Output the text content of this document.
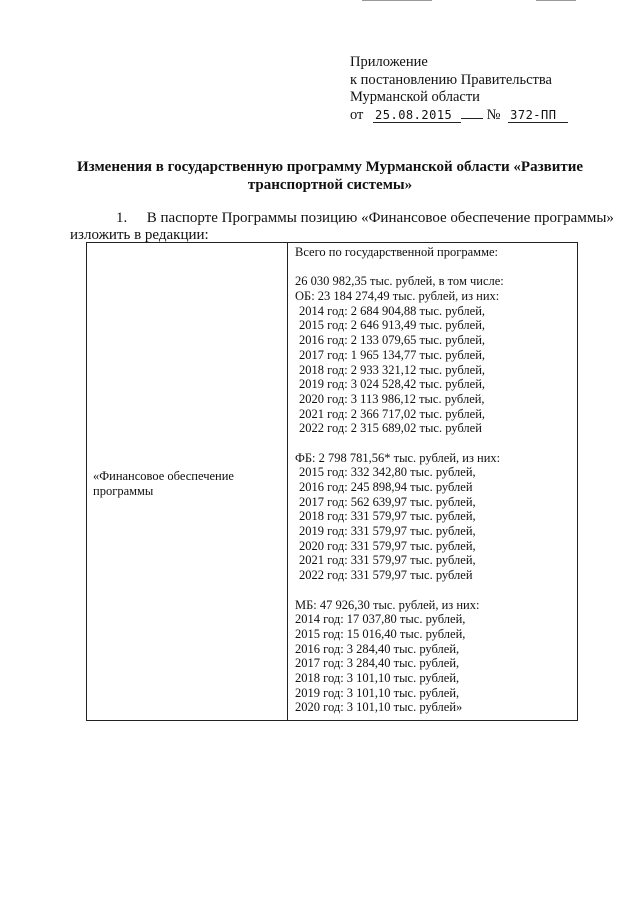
Приложение
к постановлению Правительства
Мурманской области
от 25.08.2015 № 372-ПП
Изменения в государственную программу Мурманской области «Развитие
транспортной системы»
1. В паспорте Программы позицию «Финансовое обеспечение программы»
изложить в редакции:
«Финансовое обеспечение
программы
Всего по государственной программе:
26 030 982,35 тыс. рублей, в том числе:
ОБ: 23 184 274,49 тыс. рублей, из них:
2014 год: 2 684 904,88 тыс. рублей,
2015 год: 2 646 913,49 тыс. рублей,
2016 год: 2 133 079,65 тыс. рублей,
2017 год: 1 965 134,77 тыс. рублей,
2018 год: 2 933 321,12 тыс. рублей,
2019 год: 3 024 528,42 тыс. рублей,
2020 год: 3 113 986,12 тыс. рублей,
2021 год: 2 366 717,02 тыс. рублей,
2022 год: 2 315 689,02 тыс. рублей
ФБ: 2 798 781,56* тыс. рублей, из них:
2015 год: 332 342,80 тыс. рублей,
2016 год: 245 898,94 тыс. рублей
2017 год: 562 639,97 тыс. рублей,
2018 год: 331 579,97 тыс. рублей,
2019 год: 331 579,97 тыс. рублей,
2020 год: 331 579,97 тыс. рублей,
2021 год: 331 579,97 тыс. рублей,
2022 год: 331 579,97 тыс. рублей
МБ: 47 926,30 тыс. рублей, из них:
2014 год: 17 037,80 тыс. рублей,
2015 год: 15 016,40 тыс. рублей,
2016 год: 3 284,40 тыс. рублей,
2017 год: 3 284,40 тыс. рублей,
2018 год: 3 101,10 тыс. рублей,
2019 год: 3 101,10 тыс. рублей,
2020 год: 3 101,10 тыс. рублей»
